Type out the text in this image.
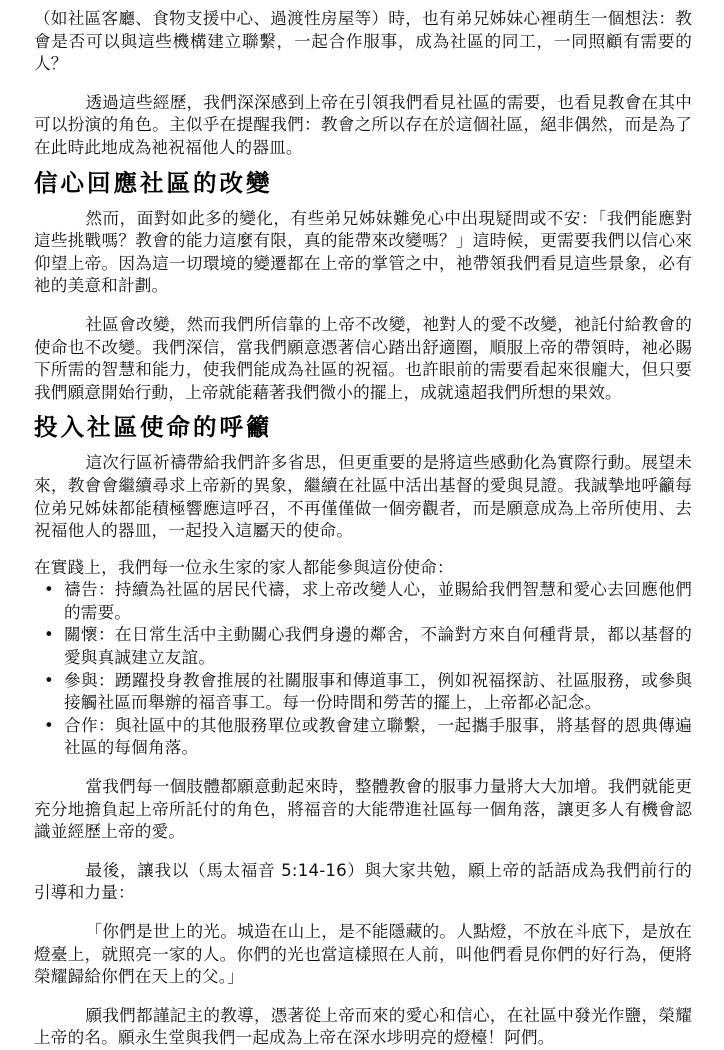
（如社區客廳、食物支援中心、過渡性房屋等）時，也有弟兄姊妹心裡萌生一個想法：教會是否可以與這些機構建立聯繫，一起合作服事，成為社區的同工，一同照顧有需要的人？

透過這些經歷，我們深深感到上帝在引領我們看見社區的需要，也看見教會在其中可以扮演的角色。主似乎在提醒我們：教會之所以存在於這個社區，絕非偶然，而是為了在此時此地成為祂祝福他人的器皿。

信心回應社區的改變

然而，面對如此多的變化，有些弟兄姊妹難免心中出現疑問或不安：「我們能應對這些挑戰嗎？教會的能力這麼有限，真的能帶來改變嗎？」這時候，更需要我們以信心來仰望上帝。因為這一切環境的變遷都在上帝的掌管之中，祂帶領我們看見這些景象，必有祂的美意和計劃。

社區會改變，然而我們所信靠的上帝不改變，祂對人的愛不改變，祂託付給教會的使命也不改變。我們深信，當我們願意憑著信心踏出舒適圈，順服上帝的帶領時，祂必賜下所需的智慧和能力，使我們能成為社區的祝福。也許眼前的需要看起來很龐大，但只要我們願意開始行動，上帝就能藉著我們微小的擺上，成就遠超我們所想的果效。

投入社區使命的呼籲

這次行區祈禱帶給我們許多省思，但更重要的是將這些感動化為實際行動。展望未來，教會會繼續尋求上帝新的異象，繼續在社區中活出基督的愛與見證。我誠摯地呼籲每位弟兄姊妹都能積極響應這呼召，不再僅僅做一個旁觀者，而是願意成為上帝所使用、去祝福他人的器皿，一起投入這屬天的使命。

在實踐上，我們每一位永生家的家人都能參與這份使命：

• 禱告：持續為社區的居民代禱，求上帝改變人心，並賜給我們智慧和愛心去回應他們的需要。
• 關懷：在日常生活中主動關心我們身邊的鄰舍，不論對方來自何種背景，都以基督的愛與真誠建立友誼。
• 參與：踴躍投身教會推展的社關服事和傳道事工，例如祝福探訪、社區服務，或參與接觸社區而舉辦的福音事工。每一份時間和勞苦的擺上，上帝都必記念。
• 合作：與社區中的其他服務單位或教會建立聯繫，一起攜手服事，將基督的恩典傳遍社區的每個角落。

當我們每一個肢體都願意動起來時，整體教會的服事力量將大大加增。我們就能更充分地擔負起上帝所託付的角色，將福音的大能帶進社區每一個角落，讓更多人有機會認識並經歷上帝的愛。

最後，讓我以（馬太福音 5:14-16）與大家共勉，願上帝的話語成為我們前行的引導和力量：

「你們是世上的光。城造在山上，是不能隱藏的。人點燈，不放在斗底下，是放在燈臺上，就照亮一家的人。你們的光也當這樣照在人前，叫他們看見你們的好行為，便將榮耀歸給你們在天上的父。」

願我們都謹記主的教導，憑著從上帝而來的愛心和信心，在社區中發光作鹽，榮耀上帝的名。願永生堂與我們一起成為上帝在深水埗明亮的燈檯！阿們。
